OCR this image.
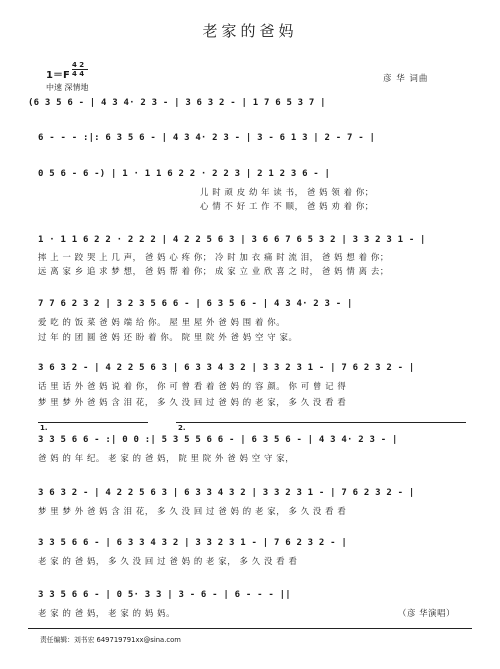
老家的爸妈
1＝F
4 2
4 4
中速 深情地
彦 华 词曲
(6 3 5 6 - | 4 3 4· 2 3 - | 3 6 3 2 - | 1 7 6 5 3 7 |
6 - - - :|: 6 3 5 6 - | 4 3 4· 2 3 - | 3 - 6 1 3 | 2 - 7 - |
0 5 6 - 6 -) | 1 · 1 1 6 2 2 · 2 2 3 | 2 1 2 3 6 - |
儿 时 顽 皮 幼 年 读 书， 爸 妈 领 着 你；
心 情 不 好 工 作 不 顺， 爸 妈 劝 着 你；
1 · 1 1 6 2 2 · 2 2 2 | 4 2 2 5 6 3 | 3 6 6 7 6 5 3 2 | 3 3 2 3 1 - |
摔 上 一 跤 哭 上 几 声， 爸 妈 心 疼 你； 冷 时 加 衣 痛 时 流 泪， 爸 妈 想 着 你；
远 离 家 乡 追 求 梦 想， 爸 妈 帮 着 你； 成 家 立 业 欣 喜 之 时， 爸 妈 情 离 去；
7 7 6 2 3 2 | 3 2 3 5 6 6 - | 6 3 5 6 - | 4 3 4· 2 3 - |
爱 吃 的 饭 菜 爸 妈 端 给 你。 屋 里 屋 外 爸 妈 围 着 你。
过 年 的 团 圆 爸 妈 还 盼 着 你。 院 里 院 外 爸 妈 空 守 家。
3 6 3 2 - | 4 2 2 5 6 3 | 6 3 3 4 3 2 | 3 3 2 3 1 - | 7 6 2 3 2 - |
话 里 话 外 爸 妈 说 着 你， 你 可 曾 看 着 爸 妈 的 容 颜。 你 可 曾 记 得
梦 里 梦 外 爸 妈 含 泪 花， 多 久 没 回 过 爸 妈 的 老 家， 多 久 没 看 看
1.	2.
3 3 5 6 6 - :| 0 0 :| 5 3 5 5 6 6 - | 6 3 5 6 - | 4 3 4· 2 3 - |
爸 妈 的 年 纪。 老 家 的 爸 妈， 院 里 院 外 爸 妈 空 守 家，
3 6 3 2 - | 4 2 2 5 6 3 | 6 3 3 4 3 2 | 3 3 2 3 1 - | 7 6 2 3 2 - |
梦 里 梦 外 爸 妈 含 泪 花， 多 久 没 回 过 爸 妈 的 老 家， 多 久 没 看 看
3 3 5 6 6 - | 6 3 3 4 3 2 | 3 3 2 3 1 - | 7 6 2 3 2 - |
老 家 的 爸 妈， 多 久 没 回 过 爸 妈 的 老 家， 多 久 没 看 看
3 3 5 6 6 - | 0 5· 3 3 | 3 - 6 - | 6 - - - ||
老 家 的 爸 妈， 老 家 的 妈 妈。	（彦 华演唱）
责任编辑：刘书宏 649719791xx@sina.com
